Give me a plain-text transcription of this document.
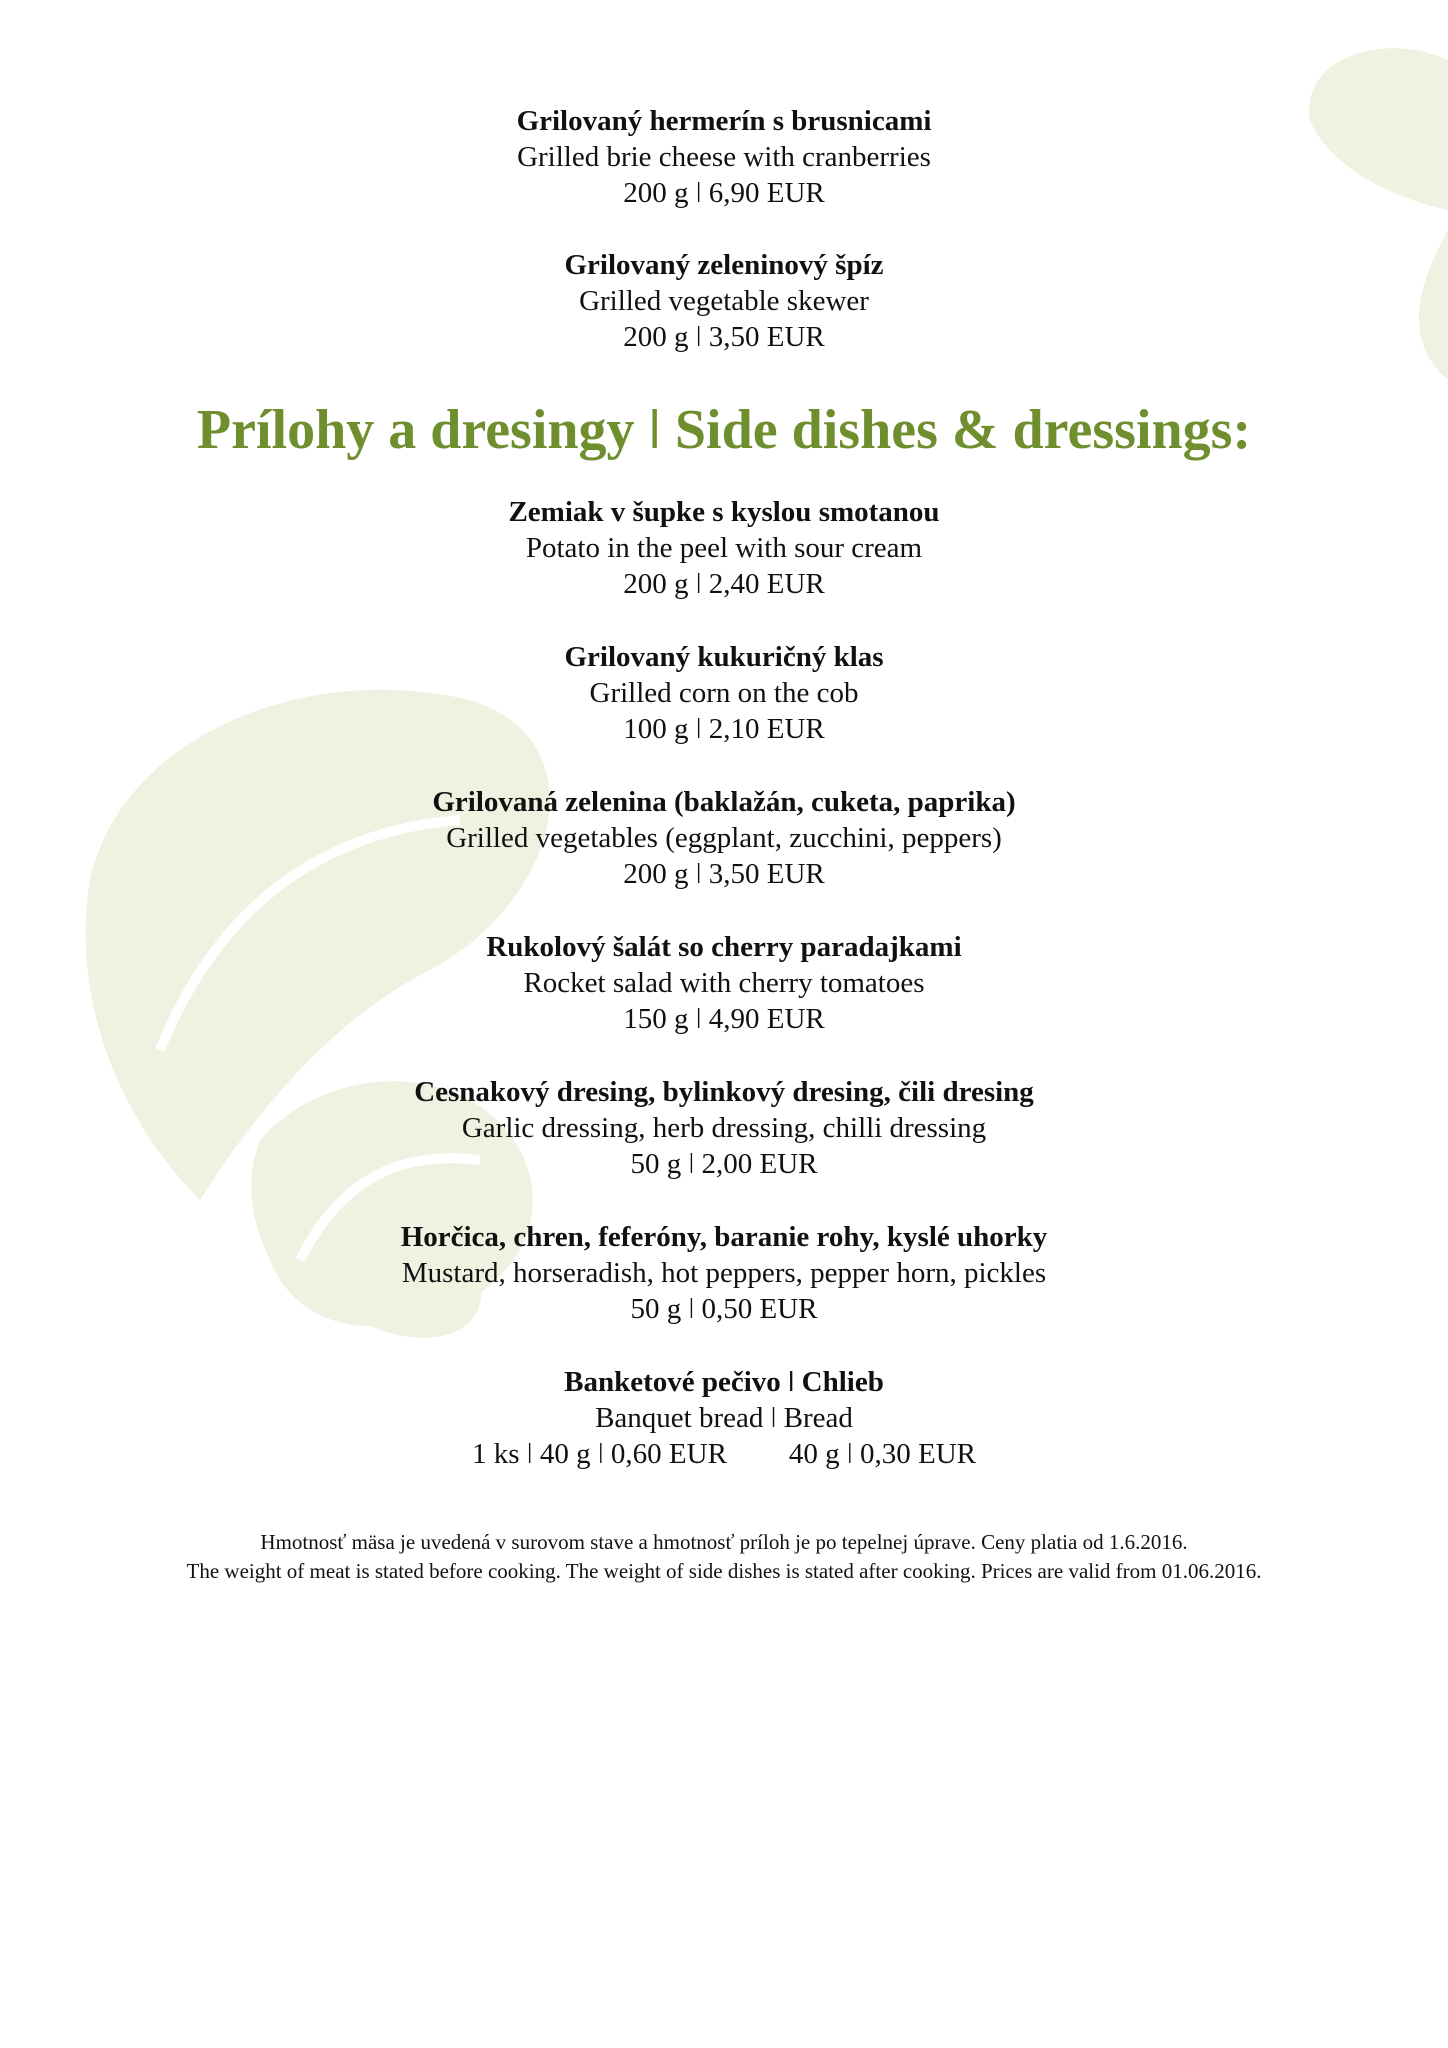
Grilovaný hermerín s brusnicami
Grilled brie cheese with cranberries
200 g ǀ 6,90 EUR
Grilovaný zeleninový špíz
Grilled vegetable skewer
200 g ǀ 3,50 EUR
Prílohy a dresingy ǀ Side dishes & dressings:
Zemiak v šupke s kyslou smotanou
Potato in the peel with sour cream
200 g ǀ 2,40 EUR
Grilovaný kukuričný klas
Grilled corn on the cob
100 g ǀ 2,10 EUR
Grilovaná zelenina (baklažán, cuketa, paprika)
Grilled vegetables (eggplant, zucchini, peppers)
200 g ǀ 3,50 EUR
Rukolový šalát so cherry paradajkami
Rocket salad with cherry tomatoes
150 g ǀ 4,90 EUR
Cesnakový dresing, bylinkový dresing, čili dresing
Garlic dressing, herb dressing, chilli dressing
50 g ǀ 2,00 EUR
Horčica, chren, feferóny, baranie rohy, kyslé uhorky
Mustard, horseradish, hot peppers, pepper horn, pickles
50 g ǀ 0,50 EUR
Banketové pečivo ǀ Chlieb
Banquet bread ǀ Bread
1 ks ǀ 40 g ǀ 0,60 EUR 40 g ǀ 0,30 EUR
Hmotnosť mäsa je uvedená v surovom stave a hmotnosť príloh je po tepelnej úprave. Ceny platia od 1.6.2016.
The weight of meat is stated before cooking. The weight of side dishes is stated after cooking. Prices are valid from 01.06.2016.
